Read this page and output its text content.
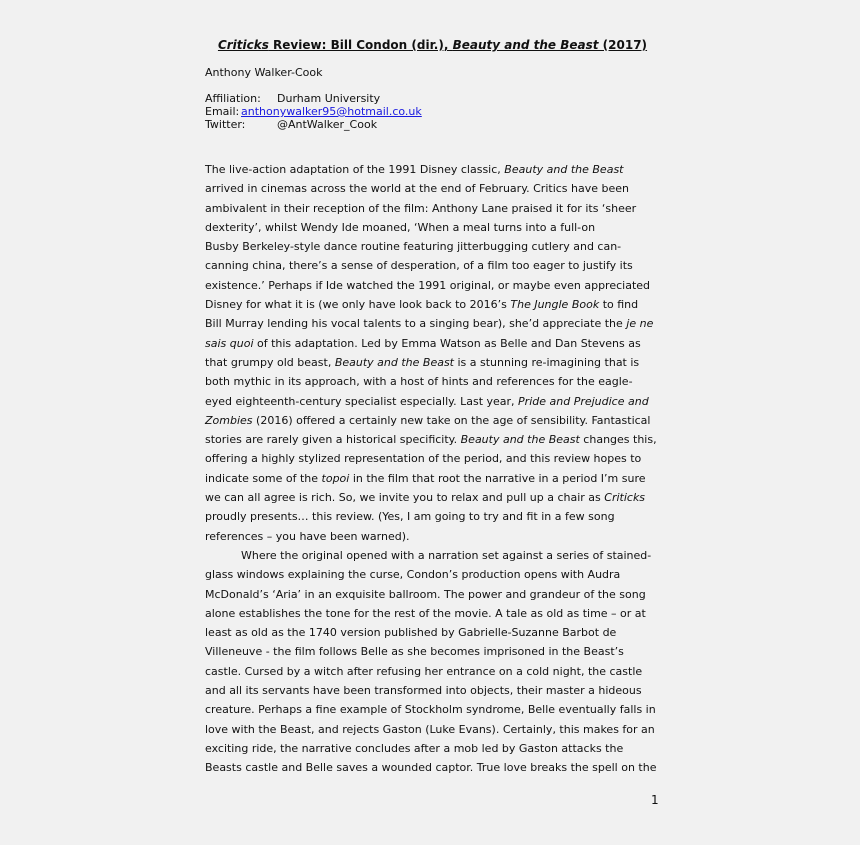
Criticks Review: Bill Condon (dir.), Beauty and the Beast (2017)
Anthony Walker-Cook
Affiliation:	Durham University
Email: anthonywalker95@hotmail.co.uk
Twitter:	@AntWalker_Cook
The live-action adaptation of the 1991 Disney classic, Beauty and the Beast
arrived in cinemas across the world at the end of February. Critics have been
ambivalent in their reception of the film: Anthony Lane praised it for its ‘sheer
dexterity’, whilst Wendy Ide moaned, ‘When a meal turns into a full-on
Busby Berkeley-style dance routine featuring jitterbugging cutlery and can-
canning china, there’s a sense of desperation, of a film too eager to justify its
existence.’ Perhaps if Ide watched the 1991 original, or maybe even appreciated
Disney for what it is (we only have look back to 2016’s The Jungle Book to find
Bill Murray lending his vocal talents to a singing bear), she’d appreciate the je ne
sais quoi of this adaptation. Led by Emma Watson as Belle and Dan Stevens as
that grumpy old beast, Beauty and the Beast is a stunning re-imagining that is
both mythic in its approach, with a host of hints and references for the eagle-
eyed eighteenth-century specialist especially. Last year, Pride and Prejudice and
Zombies (2016) offered a certainly new take on the age of sensibility. Fantastical
stories are rarely given a historical specificity. Beauty and the Beast changes this,
offering a highly stylized representation of the period, and this review hopes to
indicate some of the topoi in the film that root the narrative in a period I’m sure
we can all agree is rich. So, we invite you to relax and pull up a chair as Criticks
proudly presents… this review. (Yes, I am going to try and fit in a few song
references – you have been warned).
Where the original opened with a narration set against a series of stained-
glass windows explaining the curse, Condon’s production opens with Audra
McDonald’s ‘Aria’ in an exquisite ballroom. The power and grandeur of the song
alone establishes the tone for the rest of the movie. A tale as old as time – or at
least as old as the 1740 version published by Gabrielle-Suzanne Barbot de
Villeneuve - the film follows Belle as she becomes imprisoned in the Beast’s
castle. Cursed by a witch after refusing her entrance on a cold night, the castle
and all its servants have been transformed into objects, their master a hideous
creature. Perhaps a fine example of Stockholm syndrome, Belle eventually falls in
love with the Beast, and rejects Gaston (Luke Evans). Certainly, this makes for an
exciting ride, the narrative concludes after a mob led by Gaston attacks the
Beasts castle and Belle saves a wounded captor. True love breaks the spell on the
1
